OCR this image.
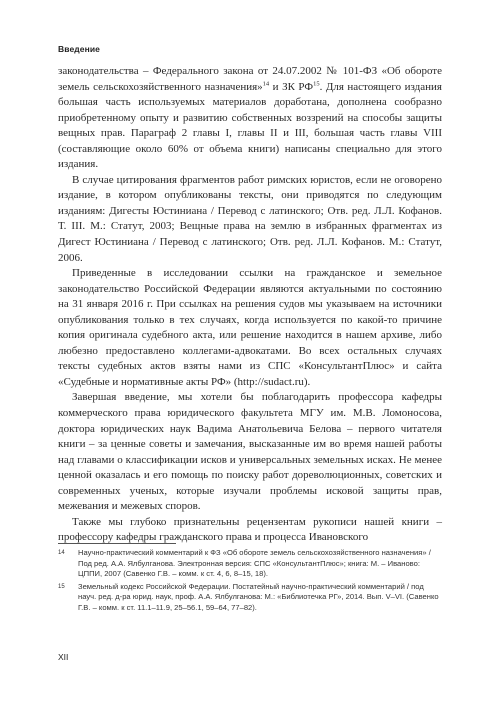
Введение

законодательства – Федерального закона от 24.07.2002 № 101-ФЗ «Об обороте земель сельскохозяйственного назначения»$^{14}$ и ЗК РФ$^{15}$. Для настоящего издания большая часть используемых материалов доработана, дополнена сообразно приобретенному опыту и развитию собственных воззрений на способы защиты вещных прав. Параграф 2 главы I, главы II и III, большая часть главы VIII (составляющие около 60% от объема книги) написаны специально для этого издания.

В случае цитирования фрагментов работ римских юристов, если не оговорено издание, в котором опубликованы тексты, они приводятся по следующим изданиям: Дигесты Юстиниана / Перевод с латинского; Отв. ред. Л.Л. Кофанов. Т. III. М.: Статут, 2003; Вещные права на землю в избранных фрагментах из Дигест Юстиниана / Перевод с латинского; Отв. ред. Л.Л. Кофанов. М.: Статут, 2006.

Приведенные в исследовании ссылки на гражданское и земельное законодательство Российской Федерации являются актуальными по состоянию на 31 января 2016 г. При ссылках на решения судов мы указываем на источники опубликования только в тех случаях, когда используется по какой-то причине копия оригинала судебного акта, или решение находится в нашем архиве, либо любезно предоставлено коллегами-адвокатами. Во всех остальных случаях тексты судебных актов взяты нами из СПС «КонсультантПлюс» и сайта «Судебные и нормативные акты РФ» (http://sudact.ru).

Завершая введение, мы хотели бы поблагодарить профессора кафедры коммерческого права юридического факультета МГУ им. М.В. Ломоносова, доктора юридических наук Вадима Анатольевича Белова – первого читателя книги – за ценные советы и замечания, высказанные им во время нашей работы над главами о классификации исков и универсальных земельных исках. Не менее ценной оказалась и его помощь по поиску работ дореволюционных, советских и современных ученых, которые изучали проблемы исковой защиты прав, межевания и межевых споров.

Также мы глубоко признательны рецензентам рукописи нашей книги – профессору кафедры гражданского права и процесса Ивановского

14 Научно-практический комментарий к ФЗ «Об обороте земель сельскохозяйственного назначения» / Под ред. А.А. Ялбулганова. Электронная версия: СПС «КонсультантПлюс»; книга: М. – Иваново: ЦППИ, 2007 (Савенко Г.В. – комм. к ст. 4, 6, 8–15, 18).
15 Земельный кодекс Российской Федерации. Постатейный научно-практический комментарий / под науч. ред. д-ра юрид. наук, проф. А.А. Ялбулганова: М.: «Библиотечка РГ», 2014. Вып. V–VI. (Савенко Г.В. – комм. к ст. 11.1–11.9, 25–56.1, 59–64, 77–82).
XII
